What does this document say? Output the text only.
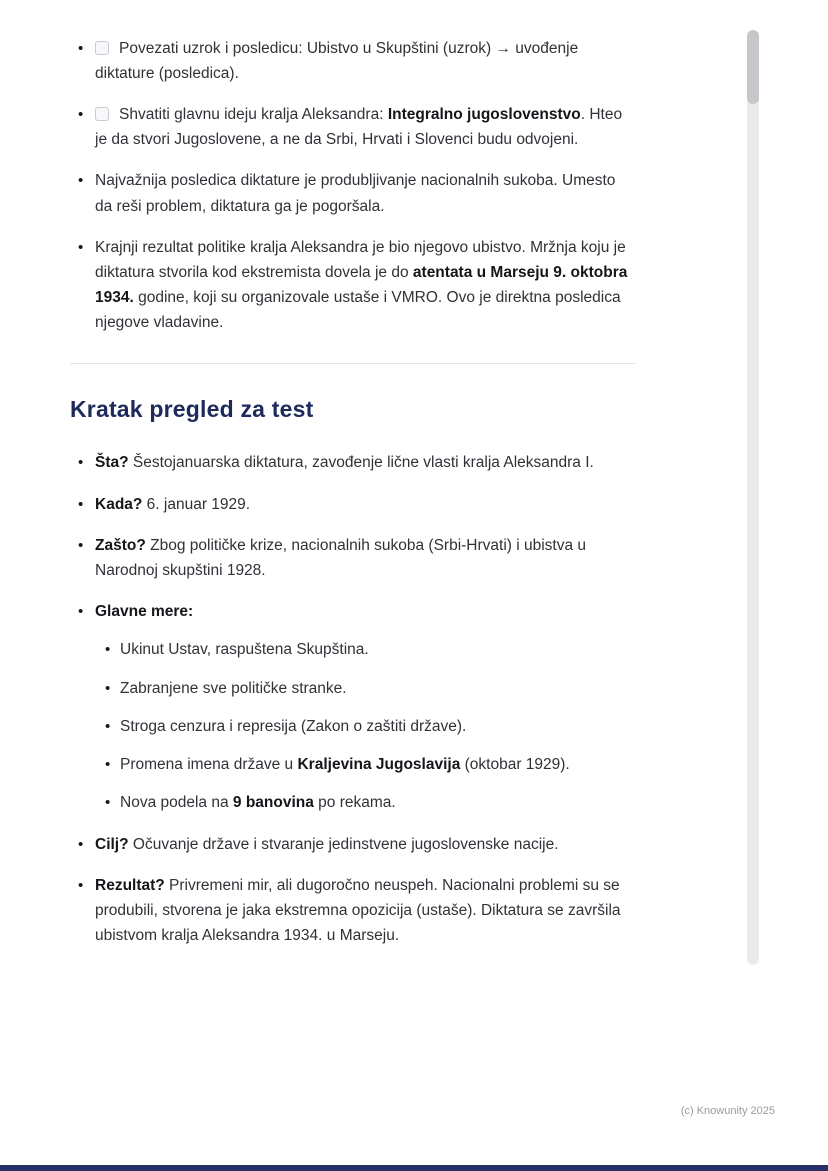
•	Povezati uzrok i posledicu: Ubistvo u Skupštini (uzrok) → uvođenje diktature (posledica).
•	Shvatiti glavnu ideju kralja Aleksandra: Integralno jugoslovenstvo. Hteo je da stvori Jugoslovene, a ne da Srbi, Hrvati i Slovenci budu odvojeni.
• Najvažnija posledica diktature je produbljivanje nacionalnih sukoba. Umesto da reši problem, diktatura ga je pogoršala.
• Krajnji rezultat politike kralja Aleksandra je bio njegovo ubistvo. Mržnja koju je diktatura stvorila kod ekstremista dovela je do atentata u Marseju 9. oktobra 1934. godine, koji su organizovale ustaše i VMRO. Ovo je direktna posledica njegove vladavine.
Kratak pregled za test
• Šta? Šestojanuarska diktatura, zavođenje lične vlasti kralja Aleksandra I.
• Kada? 6. januar 1929.
• Zašto? Zbog političke krize, nacionalnih sukoba (Srbi-Hrvati) i ubistva u Narodnoj skupštini 1928.
• Glavne mere:
• Ukinut Ustav, raspuštena Skupština.
• Zabranjene sve političke stranke.
• Stroga cenzura i represija (Zakon o zaštiti države).
• Promena imena države u Kraljevina Jugoslavija (oktobar 1929).
• Nova podela na 9 banovina po rekama.
• Cilj? Očuvanje države i stvaranje jedinstvene jugoslovenske nacije.
• Rezultat? Privremeni mir, ali dugoročno neuspeh. Nacionalni problemi su se produbili, stvorena je jaka ekstremna opozicija (ustaše). Diktatura se završila ubistvom kralja Aleksandra 1934. u Marseju.
(c) Knowunity 2025
